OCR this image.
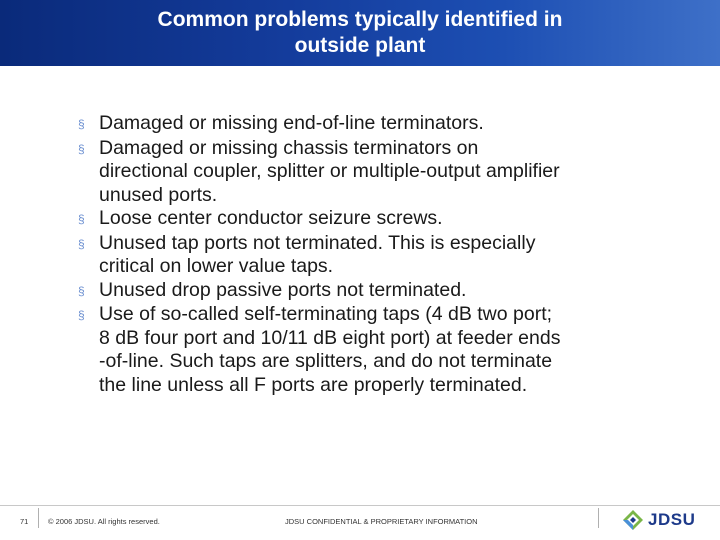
Common problems typically identified in
outside plant
§ Damaged or missing end-of-line terminators.
§ Damaged or missing chassis terminators on
directional coupler, splitter or multiple-output amplifier
unused ports.
§ Loose center conductor seizure screws.
§ Unused tap ports not terminated. This is especially
critical on lower value taps.
§ Unused drop passive ports not terminated.
§ Use of so-called self-terminating taps (4 dB two port;
8 dB four port and 10/11 dB eight port) at feeder ends
-of-line. Such taps are splitters, and do not terminate
the line unless all F ports are properly terminated.
71	© 2006 JDSU. All rights reserved.	JDSU CONFIDENTIAL & PROPRIETARY INFORMATION	JDSU
